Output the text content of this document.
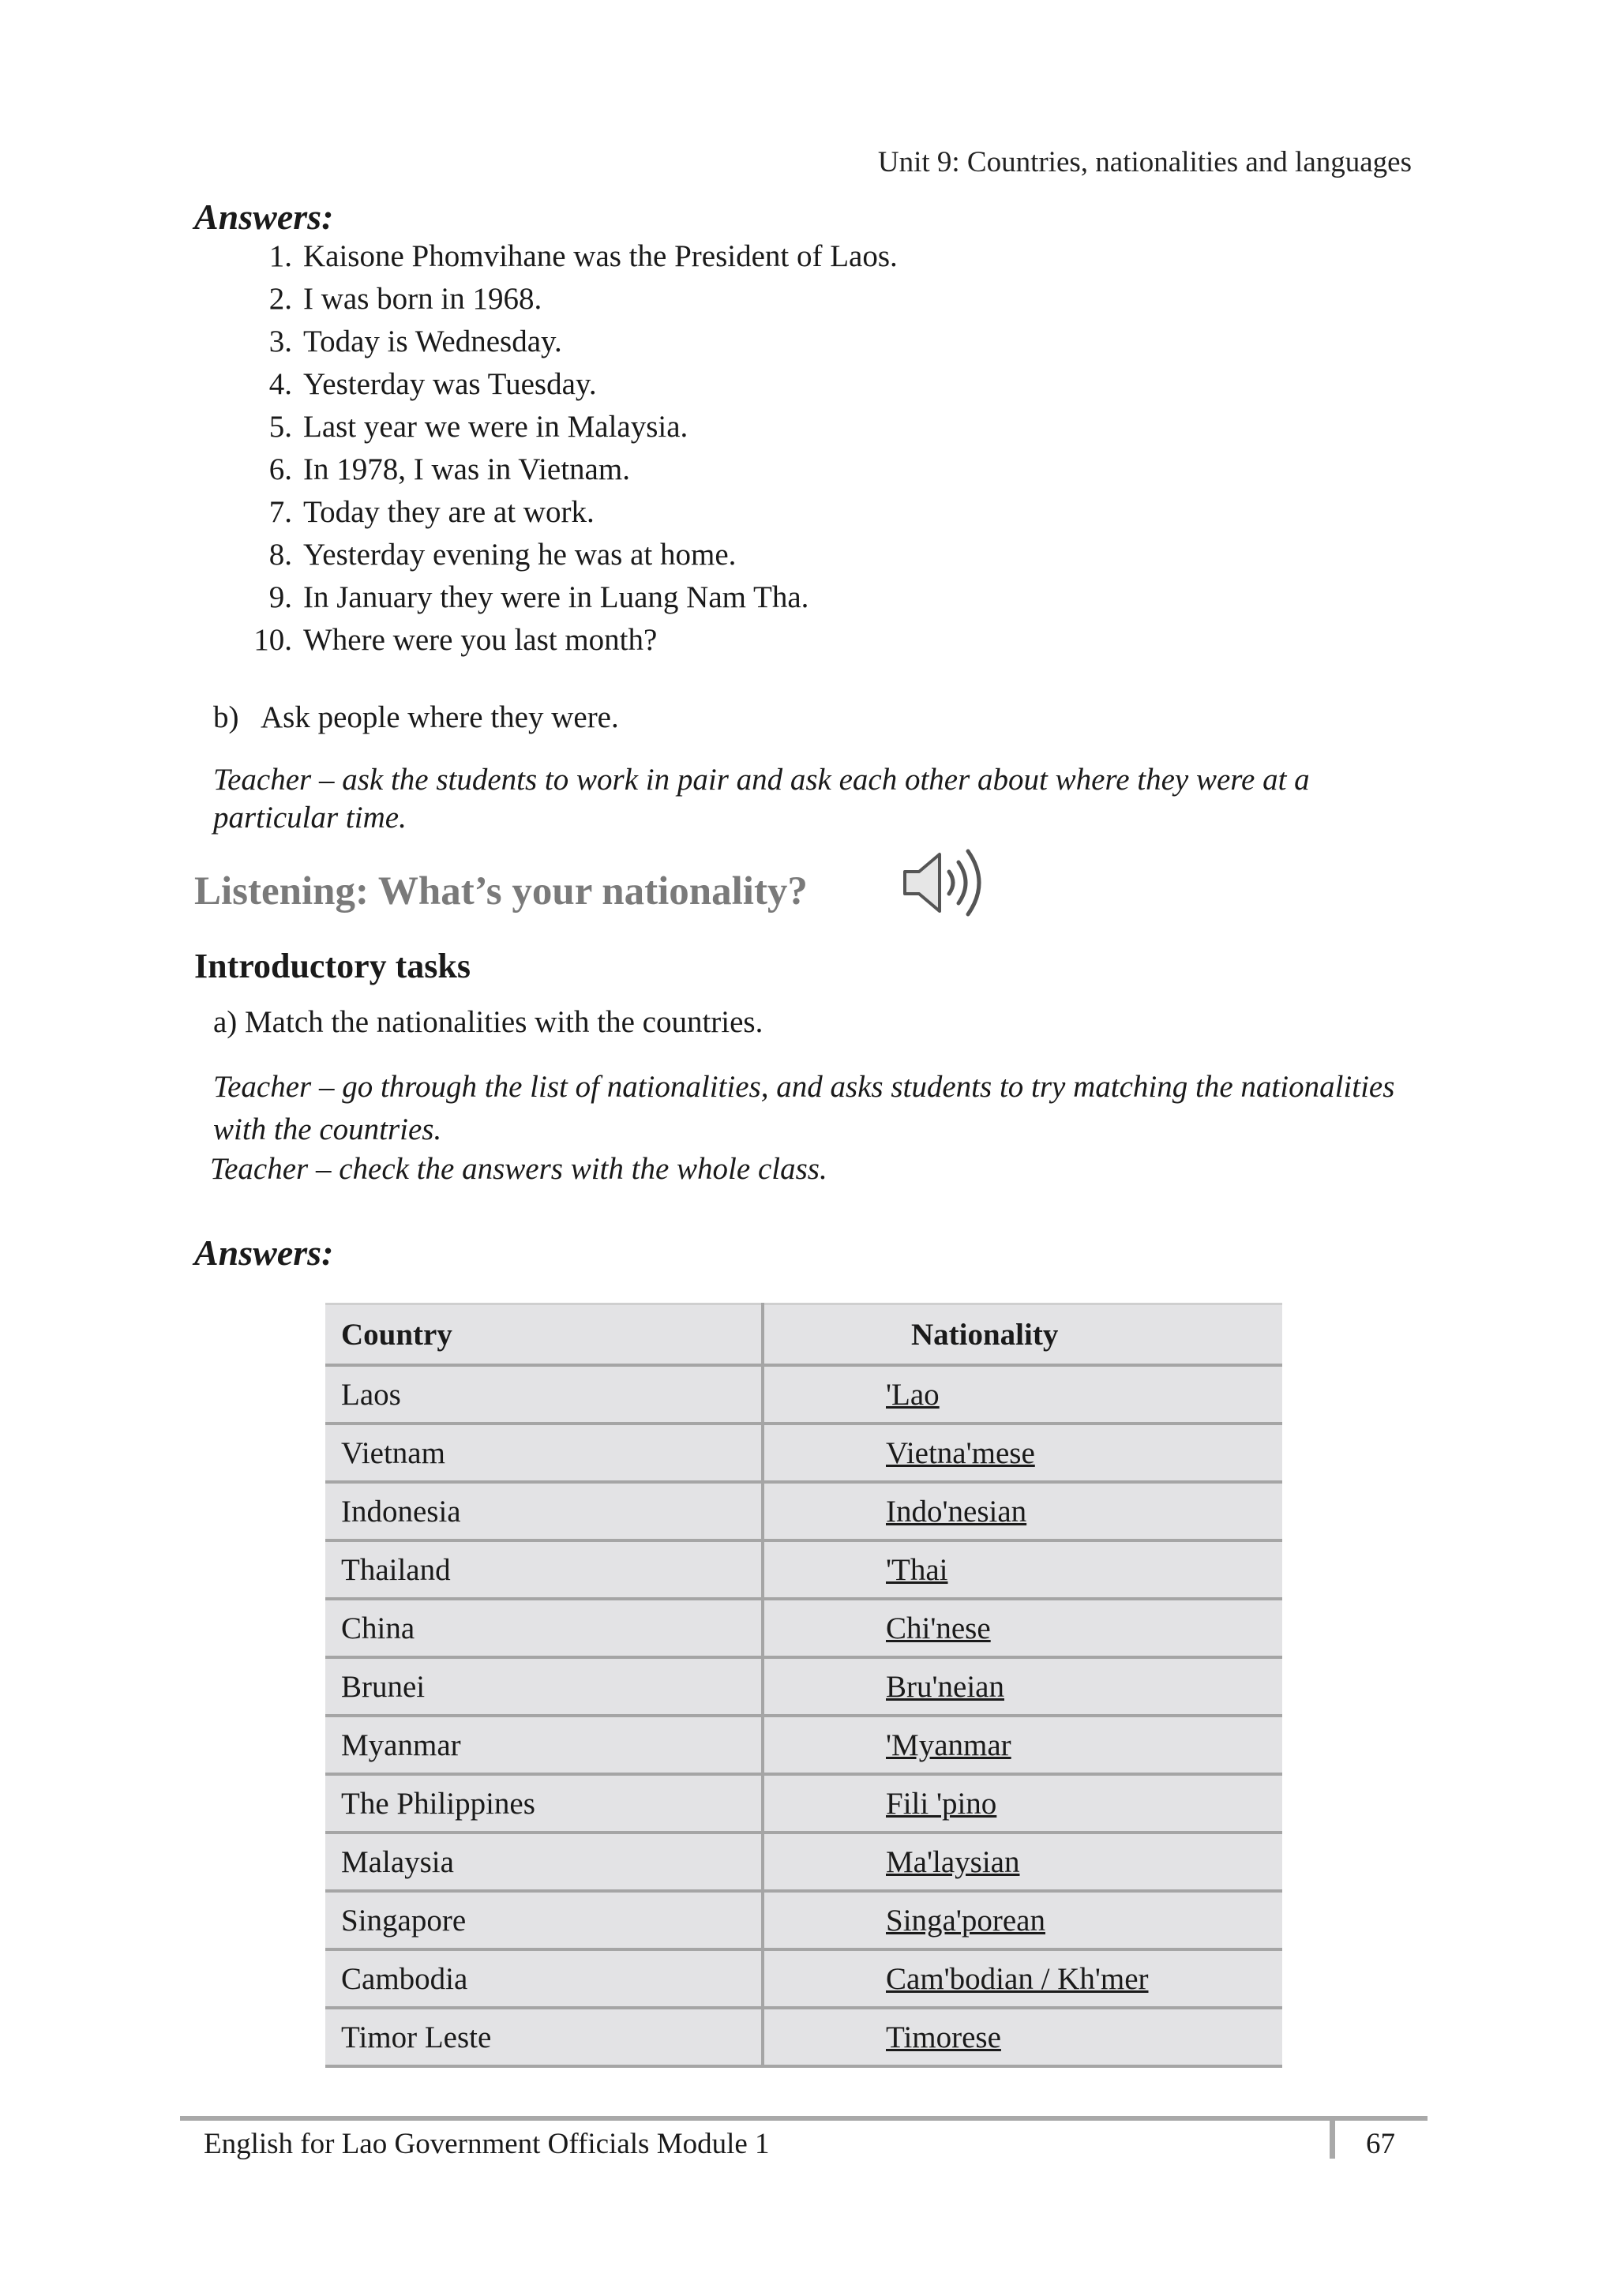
Unit 9: Countries, nationalities and languages
Answers:
1. Kaisone Phomvihane was the President of Laos.
2. I was born in 1968.
3. Today is Wednesday.
4. Yesterday was Tuesday.
5. Last year we were in Malaysia.
6. In 1978, I was in Vietnam.
7. Today they are at work.
8. Yesterday evening he was at home.
9. In January they were in Luang Nam Tha.
10. Where were you last month?
b) Ask people where they were.
Teacher – ask the students to work in pair and ask each other about where they were at a particular time.
Listening: What’s your nationality?
Introductory tasks
a) Match the nationalities with the countries.
Teacher – go through the list of nationalities, and asks students to try matching the nationalities with the countries.
Teacher – check the answers with the whole class.
Answers:
Country	Nationality
Laos	'Lao
Vietnam	Vietna'mese
Indonesia	Indo'nesian
Thailand	'Thai
China	Chi'nese
Brunei	Bru'neian
Myanmar	'Myanmar
The Philippines	Fili 'pino
Malaysia	Ma'laysian
Singapore	Singa'porean
Cambodia	Cam'bodian / Kh'mer
Timor Leste	Timorese
English for Lao Government Officials Module 1	67
